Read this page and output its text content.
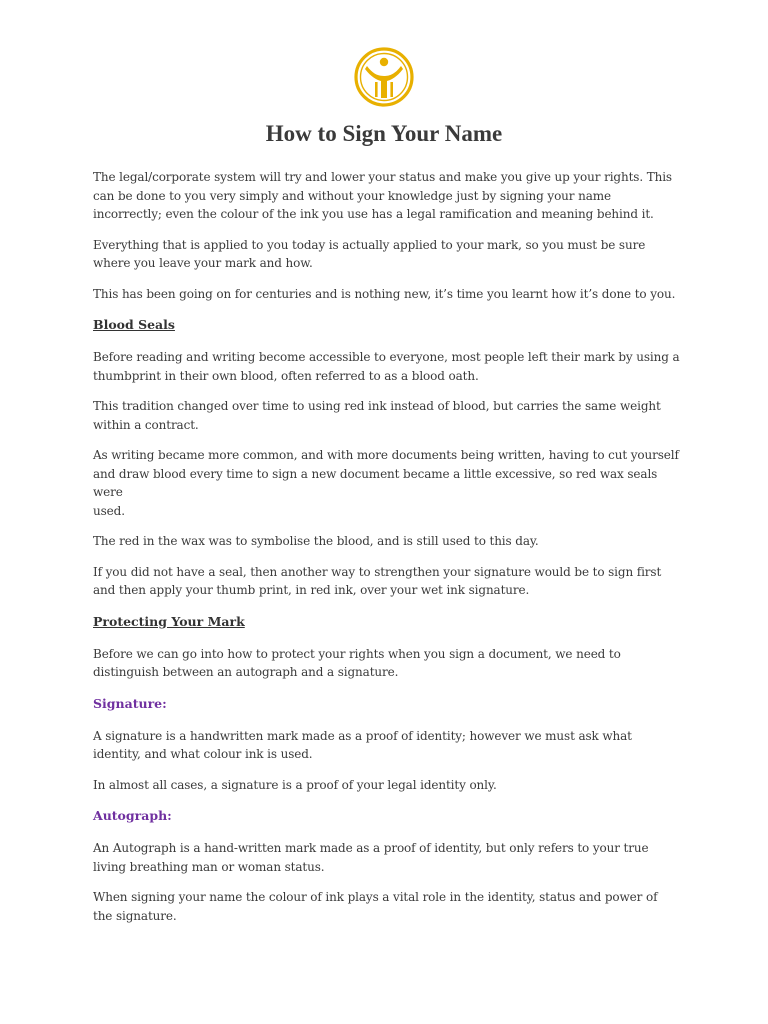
How to Sign Your Name

The legal/corporate system will try and lower your status and make you give up your rights. This
can be done to you very simply and without your knowledge just by signing your name
incorrectly; even the colour of the ink you use has a legal ramification and meaning behind it.

Everything that is applied to you today is actually applied to your mark, so you must be sure
where you leave your mark and how.

This has been going on for centuries and is nothing new, it’s time you learnt how it’s done to you.

Blood Seals

Before reading and writing become accessible to everyone, most people left their mark by using a
thumbprint in their own blood, often referred to as a blood oath.

This tradition changed over time to using red ink instead of blood, but carries the same weight
within a contract.

As writing became more common, and with more documents being written, having to cut yourself
and draw blood every time to sign a new document became a little excessive, so red wax seals were
used.

The red in the wax was to symbolise the blood, and is still used to this day.

If you did not have a seal, then another way to strengthen your signature would be to sign first
and then apply your thumb print, in red ink, over your wet ink signature.

Protecting Your Mark

Before we can go into how to protect your rights when you sign a document, we need to
distinguish between an autograph and a signature.

Signature:

A signature is a handwritten mark made as a proof of identity; however we must ask what
identity, and what colour ink is used.

In almost all cases, a signature is a proof of your legal identity only.

Autograph:

An Autograph is a hand-written mark made as a proof of identity, but only refers to your true
living breathing man or woman status.

When signing your name the colour of ink plays a vital role in the identity, status and power of
the signature.
